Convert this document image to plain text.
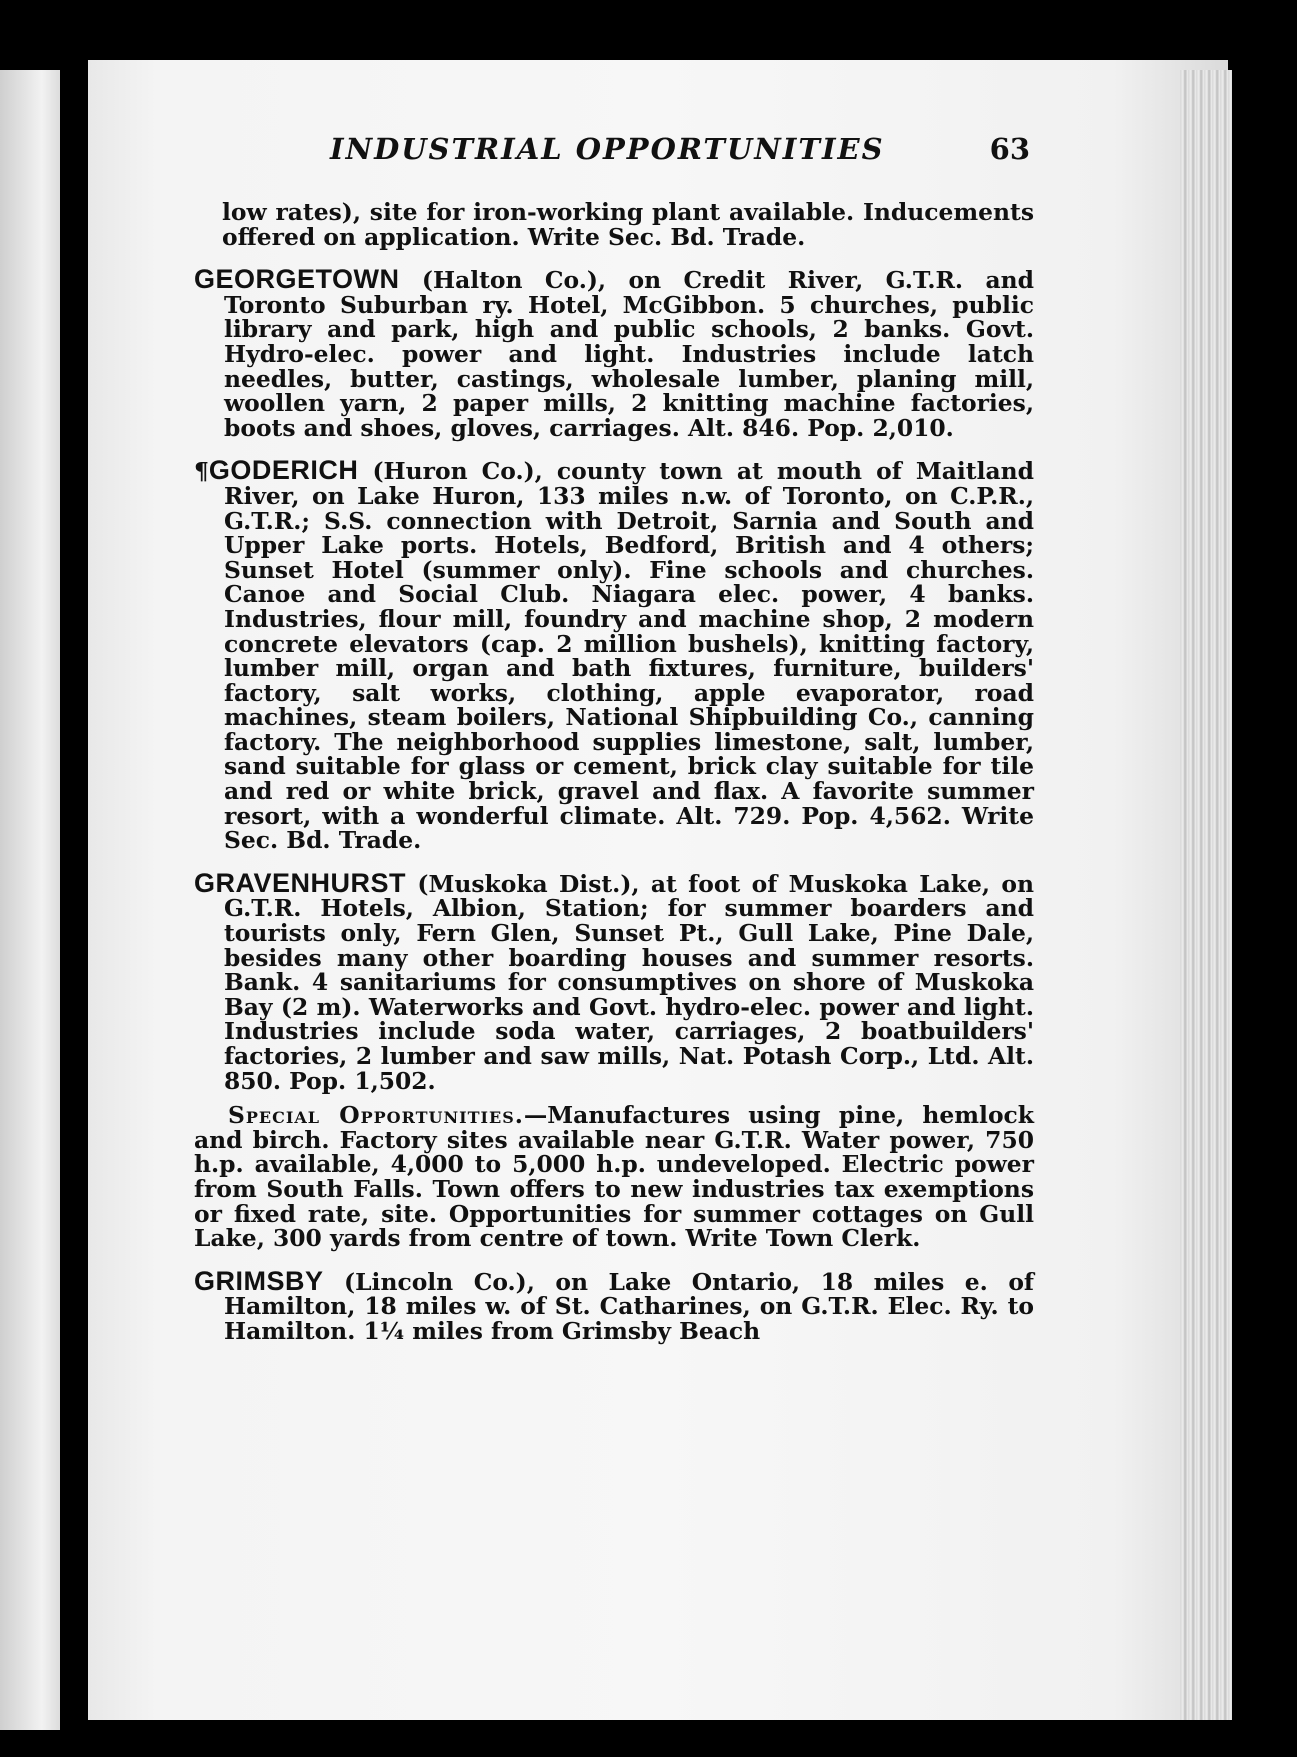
INDUSTRIAL OPPORTUNITIES	63

low rates), site for iron-working plant available. Inducements offered on application. Write Sec. Bd. Trade.

GEORGETOWN (Halton Co.), on Credit River, G.T.R. and Toronto Suburban ry. Hotel, McGibbon. 5 churches, public library and park, high and public schools, 2 banks. Govt. Hydro-elec. power and light. Industries include latch needles, butter, castings, wholesale lumber, planing mill, woollen yarn, 2 paper mills, 2 knitting machine factories, boots and shoes, gloves, carriages. Alt. 846. Pop. 2,010.

¶GODERICH (Huron Co.), county town at mouth of Maitland River, on Lake Huron, 133 miles n.w. of Toronto, on C.P.R., G.T.R.; S.S. connection with Detroit, Sarnia and South and Upper Lake ports. Hotels, Bedford, British and 4 others; Sunset Hotel (summer only). Fine schools and churches. Canoe and Social Club. Niagara elec. power, 4 banks. Industries, flour mill, foundry and machine shop, 2 modern concrete elevators (cap. 2 million bushels), knitting factory, lumber mill, organ and bath fixtures, furniture, builders' factory, salt works, clothing, apple evaporator, road machines, steam boilers, National Shipbuilding Co., canning factory. The neighborhood supplies limestone, salt, lumber, sand suitable for glass or cement, brick clay suitable for tile and red or white brick, gravel and flax. A favorite summer resort, with a wonderful climate. Alt. 729. Pop. 4,562. Write Sec. Bd. Trade.

GRAVENHURST (Muskoka Dist.), at foot of Muskoka Lake, on G.T.R. Hotels, Albion, Station; for summer boarders and tourists only, Fern Glen, Sunset Pt., Gull Lake, Pine Dale, besides many other boarding houses and summer resorts. Bank. 4 sanitariums for consumptives on shore of Muskoka Bay (2 m). Waterworks and Govt. hydro-elec. power and light. Industries include soda water, carriages, 2 boatbuilders' factories, 2 lumber and saw mills, Nat. Potash Corp., Ltd. Alt. 850. Pop. 1,502.

Special Opportunities.—Manufactures using pine, hemlock and birch. Factory sites available near G.T.R. Water power, 750 h.p. available, 4,000 to 5,000 h.p. undeveloped. Electric power from South Falls. Town offers to new industries tax exemptions or fixed rate, site. Opportunities for summer cottages on Gull Lake, 300 yards from centre of town. Write Town Clerk.

GRIMSBY (Lincoln Co.), on Lake Ontario, 18 miles e. of Hamilton, 18 miles w. of St. Catharines, on G.T.R. Elec. Ry. to Hamilton. 1¼ miles from Grimsby Beach
